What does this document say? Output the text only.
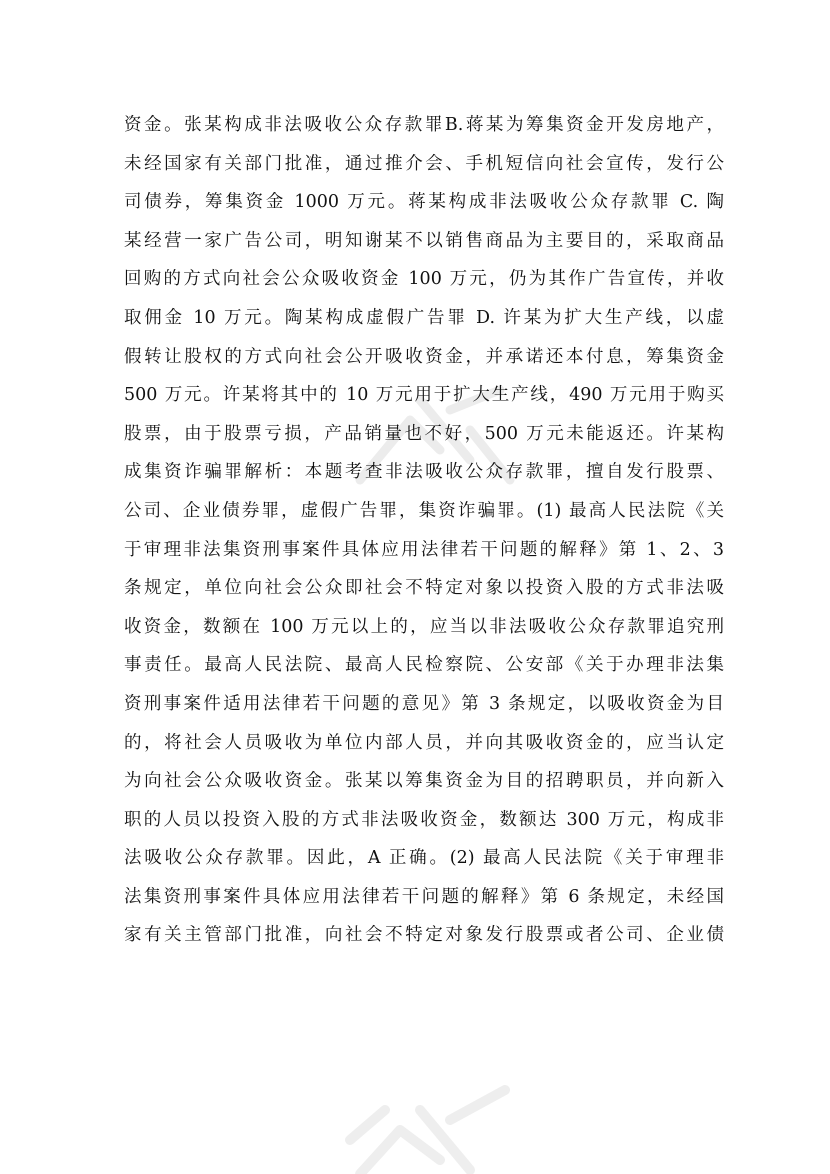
资金。张某构成非法吸收公众存款罪B.蒋某为筹集资金开发房地产，
未经国家有关部门批准，通过推介会、手机短信向社会宣传，发行公
司债券，筹集资金 1000 万元。蒋某构成非法吸收公众存款罪 C. 陶
某经营一家广告公司，明知谢某不以销售商品为主要目的，采取商品
回购的方式向社会公众吸收资金 100 万元，仍为其作广告宣传，并收
取佣金 10 万元。陶某构成虚假广告罪 D. 许某为扩大生产线，以虚
假转让股权的方式向社会公开吸收资金，并承诺还本付息，筹集资金
500 万元。许某将其中的 10 万元用于扩大生产线，490 万元用于购买
股票，由于股票亏损，产品销量也不好，500 万元未能返还。许某构
成集资诈骗罪解析：本题考查非法吸收公众存款罪，擅自发行股票、
公司、企业债券罪，虚假广告罪，集资诈骗罪。(1) 最高人民法院《关
于审理非法集资刑事案件具体应用法律若干问题的解释》第 1、2、3
条规定，单位向社会公众即社会不特定对象以投资入股的方式非法吸
收资金，数额在 100 万元以上的，应当以非法吸收公众存款罪追究刑
事责任。最高人民法院、最高人民检察院、公安部《关于办理非法集
资刑事案件适用法律若干问题的意见》第 3 条规定，以吸收资金为目
的，将社会人员吸收为单位内部人员，并向其吸收资金的，应当认定
为向社会公众吸收资金。张某以筹集资金为目的招聘职员，并向新入
职的人员以投资入股的方式非法吸收资金，数额达 300 万元，构成非
法吸收公众存款罪。因此，A 正确。(2) 最高人民法院《关于审理非
法集资刑事案件具体应用法律若干问题的解释》第 6 条规定，未经国
家有关主管部门批准，向社会不特定对象发行股票或者公司、企业债
